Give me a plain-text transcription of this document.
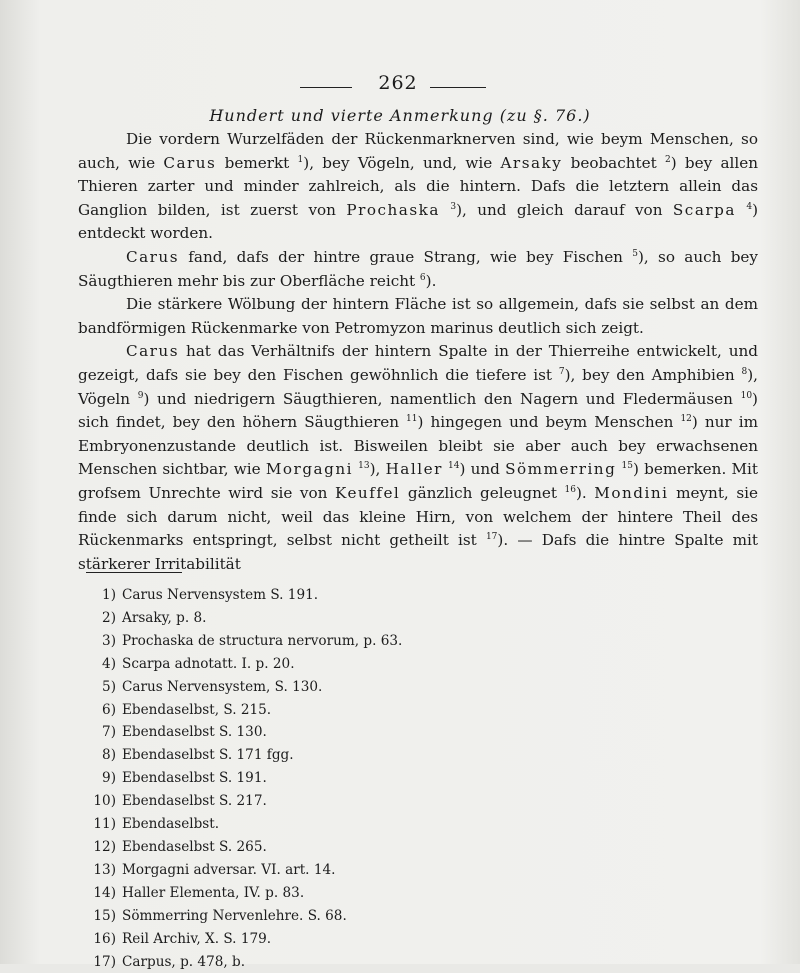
262
Hundert und vierte Anmerkung (zu §. 76.)

Die vordern Wurzelfäden der Rückenmarknerven sind, wie beym Menschen, so auch, wie Carus bemerkt $^1$), bey Vögeln, und, wie Arsaky beobachtet $^2$) bey allen Thieren zarter und minder zahlreich, als die hintern. Dafs die letztern allein das Ganglion bilden, ist zuerst von Prochaska $^3$), und gleich darauf von Scarpa $^4$) entdeckt worden.

Carus fand, dafs der hintre graue Strang, wie bey Fischen $^5$), so auch bey Säugthieren mehr bis zur Oberfläche reicht $^6$).

Die stärkere Wölbung der hintern Fläche ist so allgemein, dafs sie selbst an dem bandförmigen Rückenmarke von Petromyzon marinus deutlich sich zeigt.

Carus hat das Verhältnifs der hintern Spalte in der Thierreihe entwickelt, und gezeigt, dafs sie bey den Fischen gewöhnlich die tiefere ist $^7$), bey den Amphibien $^8$), Vögeln $^9$) und niedrigern Säugthieren, namentlich den Nagern und Fledermäusen $^{10}$) sich findet, bey den höhern Säugthieren $^{11}$) hingegen und beym Menschen $^{12}$) nur im Embryonenzustande deutlich ist. Bisweilen bleibt sie aber auch bey erwachsenen Menschen sichtbar, wie Morgagni $^{13}$), Haller $^{14}$) und Sömmerring $^{15}$) bemerken. Mit grofsem Unrechte wird sie von Keuffel gänzlich geleugnet $^{16}$). Mondini meynt, sie finde sich darum nicht, weil das kleine Hirn, von welchem der hintere Theil des Rückenmarks entspringt, selbst nicht getheilt ist $^{17}$). — Dafs die hintre Spalte mit stärkerer Irritabilität

1) Carus Nervensystem S. 191.
2) Arsaky, p. 8.
3) Prochaska de structura nervorum, p. 63.
4) Scarpa adnotatt. I. p. 20.
5) Carus Nervensystem, S. 130.
6) Ebendaselbst, S. 215.
7) Ebendaselbst S. 130.
8) Ebendaselbst S. 171 fgg.
9) Ebendaselbst S. 191.
10) Ebendaselbst S. 217.
11) Ebendaselbst.
12) Ebendaselbst S. 265.
13) Morgagni adversar. VI. art. 14.
14) Haller Elementa, IV. p. 83.
15) Sömmerring Nervenlehre. S. 68.
16) Reil Archiv, X. S. 179.
17) Carpus, p. 478, b.
